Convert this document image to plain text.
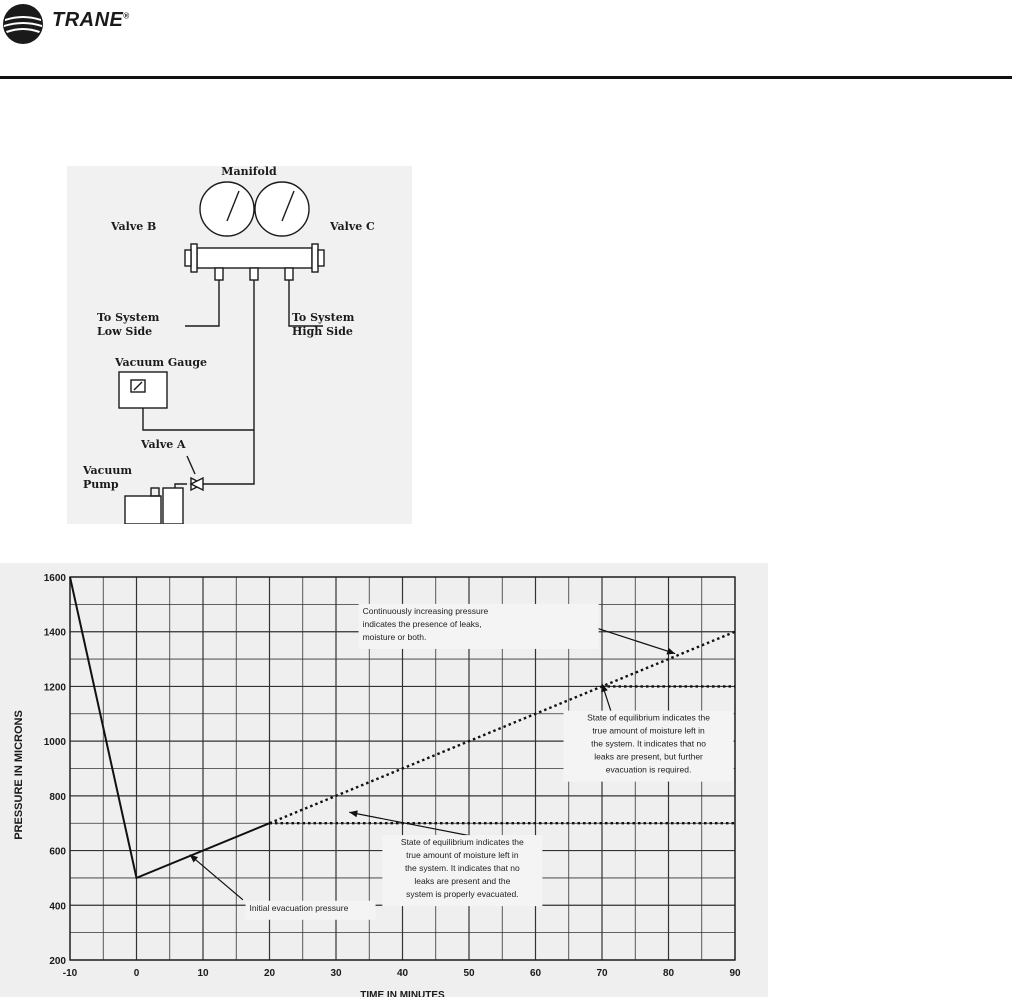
TRANE®
Manifold
Valve B	Valve C
To System
Low Side
To System
High Side
Vacuum Gauge
Valve A
Vacuum
Pump
-10	0	10	20	30	40	50	60	70	80	90
1600
1400
1200
1000
800
600
400
200
TIME IN MINUTES
Continuously increasing pressure
indicates the presence of leaks,
moisture or both.
State of equilibrium indicates the
true amount of moisture left in
the system. It indicates that no
leaks are present, but further
evacuation is required.
State of equilibrium indicates the
true amount of moisture left in
the system. It indicates that no
leaks are present and the
system is properly evacuated.
Initial evacuation pressure
PRESSURE IN MICRONS
